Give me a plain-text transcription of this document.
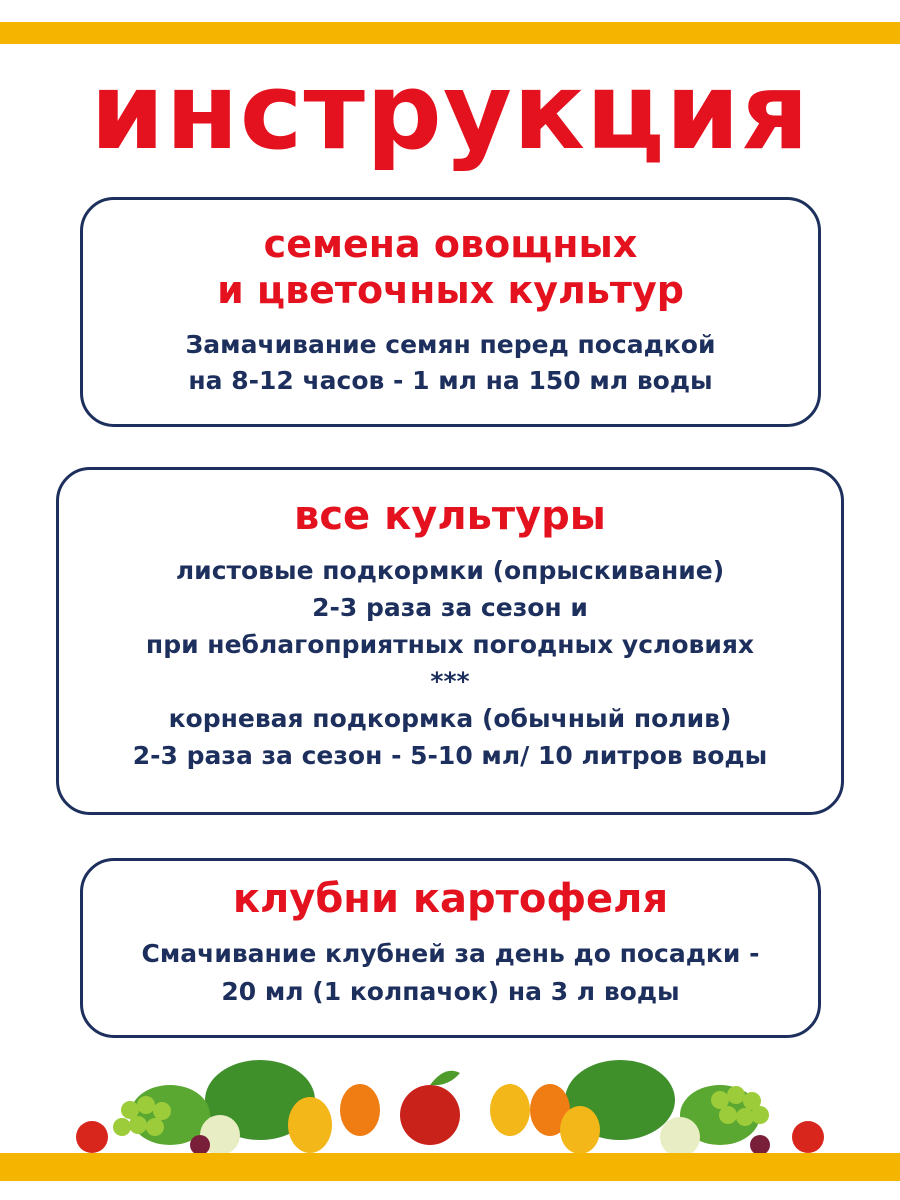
инструкция
семена овощных
и цветочных культур
Замачивание семян перед посадкой
на 8-12 часов - 1 мл на 150 мл воды
все культуры
листовые подкормки (опрыскивание)
2-3 раза за сезон и
при неблагоприятных погодных условиях
***
корневая подкормка (обычный полив)
2-3 раза за сезон - 5-10 мл/ 10 литров воды
клубни картофеля
Смачивание клубней за день до посадки -
20 мл (1 колпачок) на 3 л воды
